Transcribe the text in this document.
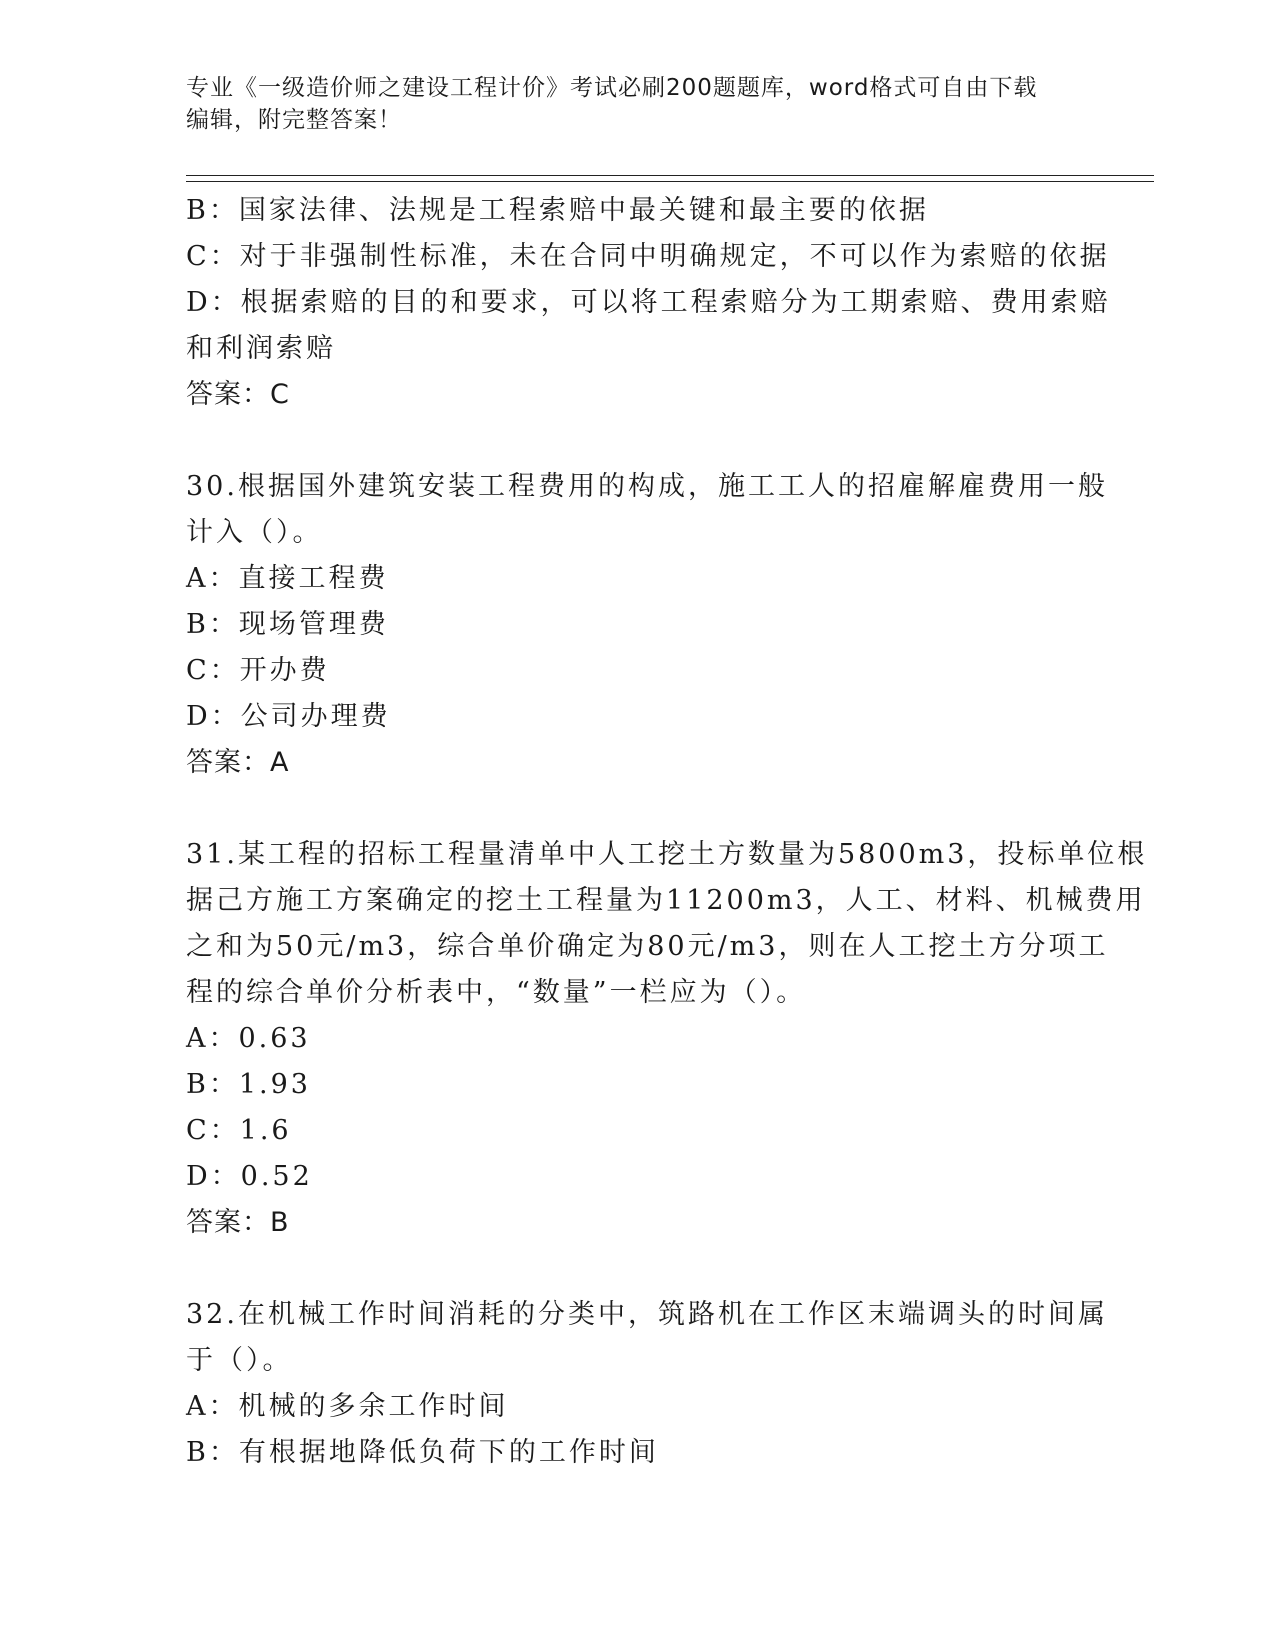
专业《一级造价师之建设工程计价》考试必刷200题题库，word格式可自由下载
编辑，附完整答案！
B：国家法律、法规是工程索赔中最关键和最主要的依据
C：对于非强制性标准，未在合同中明确规定，不可以作为索赔的依据
D：根据索赔的目的和要求，可以将工程索赔分为工期索赔、费用索赔
和利润索赔
答案：C
30.根据国外建筑安装工程费用的构成，施工工人的招雇解雇费用一般
计入（）。
A：直接工程费
B：现场管理费
C：开办费
D：公司办理费
答案：A
31.某工程的招标工程量清单中人工挖土方数量为5800m3，投标单位根
据己方施工方案确定的挖土工程量为11200m3，人工、材料、机械费用
之和为50元/m3，综合单价确定为80元/m3，则在人工挖土方分项工
程的综合单价分析表中，“数量”一栏应为（）。
A：0.63
B：1.93
C：1.6
D：0.52
答案：B
32.在机械工作时间消耗的分类中，筑路机在工作区末端调头的时间属
于（）。
A：机械的多余工作时间
B：有根据地降低负荷下的工作时间
